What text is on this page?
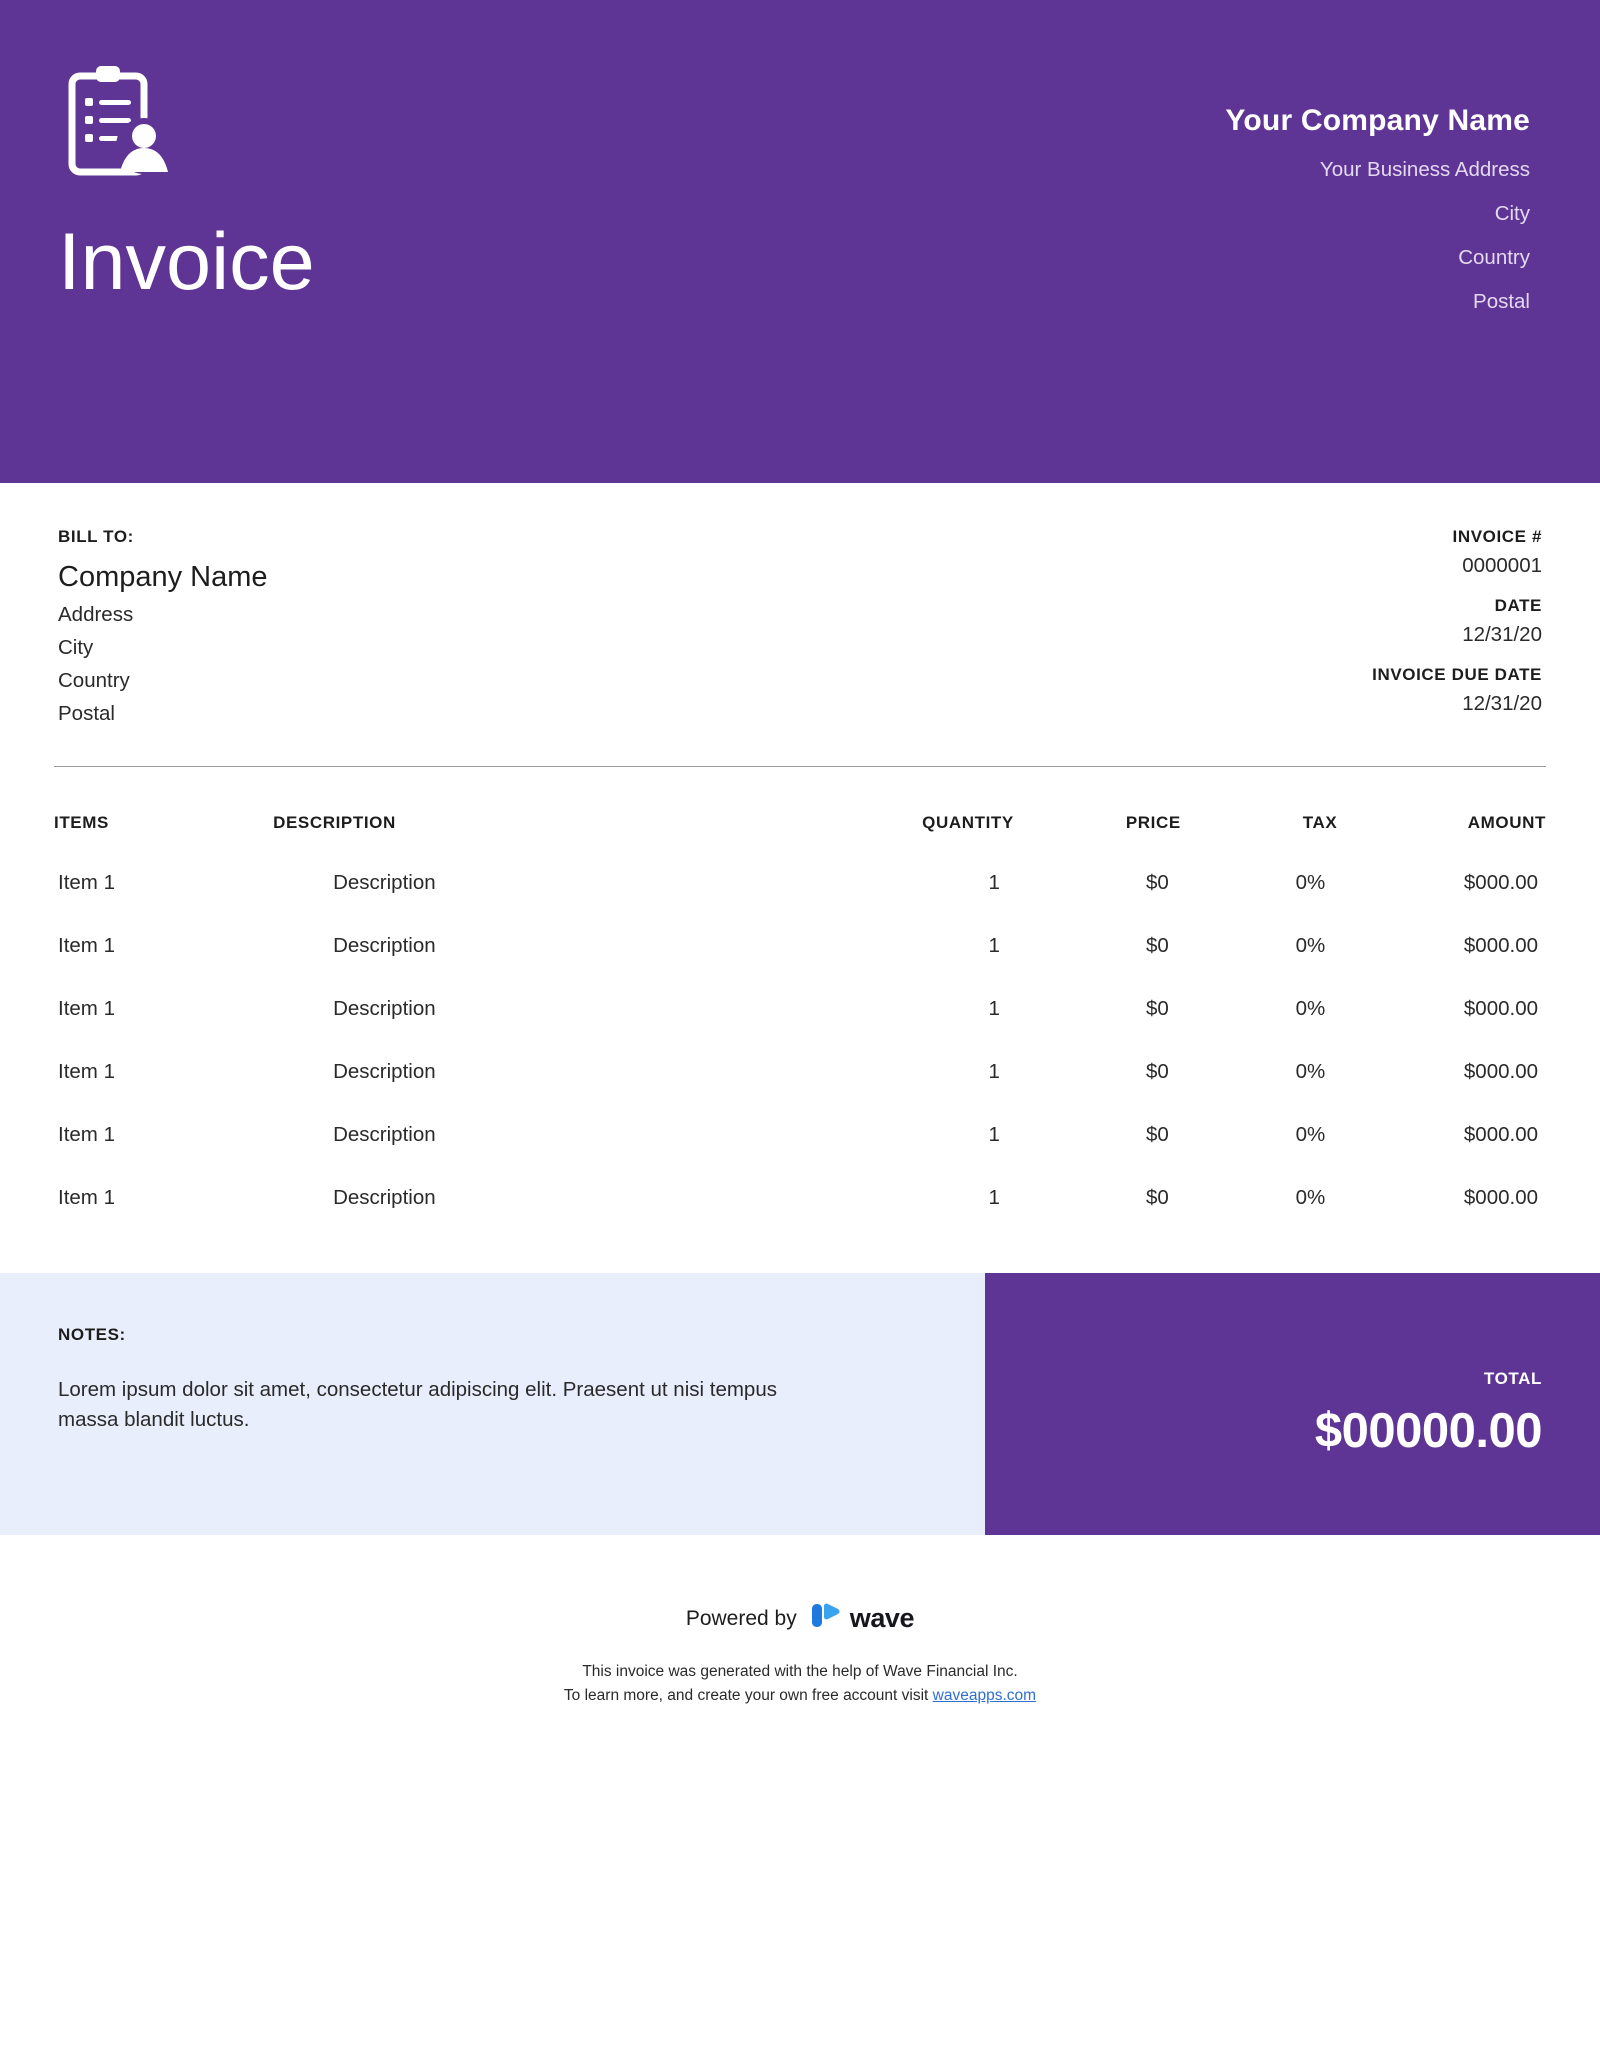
Invoice
Your Company Name
Your Business Address
City
Country
Postal
BILL TO:
Company Name
Address
City
Country
Postal
INVOICE #
0000001
DATE
12/31/20
INVOICE DUE DATE
12/31/20
ITEMS	DESCRIPTION	QUANTITY	PRICE	TAX	AMOUNT
Item 1	Description	1	$0	0%	$000.00
Item 1	Description	1	$0	0%	$000.00
Item 1	Description	1	$0	0%	$000.00
Item 1	Description	1	$0	0%	$000.00
Item 1	Description	1	$0	0%	$000.00
Item 1	Description	1	$0	0%	$000.00
NOTES:
Lorem ipsum dolor sit amet, consectetur adipiscing elit. Praesent ut nisi tempus massa blandit luctus.
TOTAL
$00000.00
Powered by wave
This invoice was generated with the help of Wave Financial Inc.
To learn more, and create your own free account visit waveapps.com
